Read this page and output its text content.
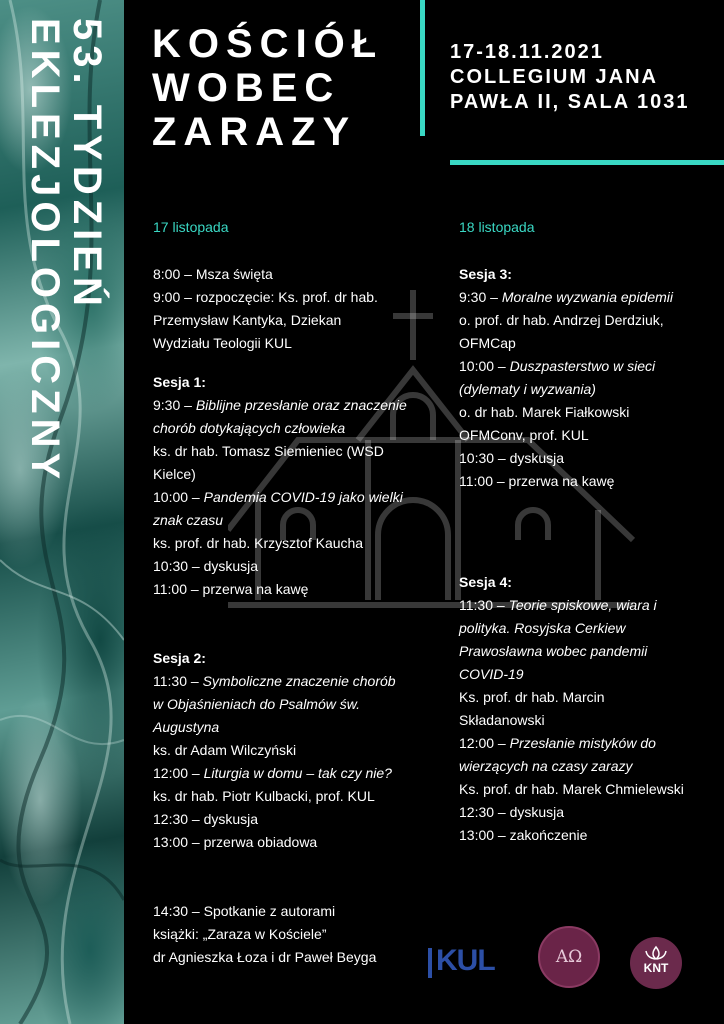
53. TYDZIEŃ
EKLEZJOLOGICZNY KOŚCIÓŁ
WOBEC
ZARAZY
17-18.11.2021
COLLEGIUM JANA
PAWŁA II, SALA 1031
17 listopada
8:00 – Msza święta
9:00 – rozpoczęcie: Ks. prof. dr hab.
Przemysław Kantyka, Dziekan
Wydziału Teologii KUL
Sesja 1:
9:30 – Biblijne przesłanie oraz znaczenie
chorób dotykających człowieka
ks. dr hab. Tomasz Siemieniec (WSD
Kielce)
10:00 – Pandemia COVID-19 jako wielki
znak czasu
ks. prof. dr hab. Krzysztof Kaucha
10:30 – dyskusja
11:00 – przerwa na kawę
Sesja 2:
11:30 – Symboliczne znaczenie chorób
w Objaśnieniach do Psalmów św.
Augustyna
ks. dr Adam Wilczyński
12:00 – Liturgia w domu – tak czy nie?
ks. dr hab. Piotr Kulbacki, prof. KUL
12:30 – dyskusja
13:00 – przerwa obiadowa
14:30 – Spotkanie z autorami
książki: „Zaraza w Kościele”
dr Agnieszka Łoza i dr Paweł Beyga
18 listopada
Sesja 3:
9:30 – Moralne wyzwania epidemii
o. prof. dr hab. Andrzej Derdziuk,
OFMCap
10:00 – Duszpasterstwo w sieci
(dylematy i wyzwania)
o. dr hab. Marek Fiałkowski
OFMConv, prof. KUL
10:30 – dyskusja
11:00 – przerwa na kawę
Sesja 4:
11:30 – Teorie spiskowe, wiara i
polityka. Rosyjska Cerkiew
Prawosławna wobec pandemii
COVID-19
Ks. prof. dr hab. Marcin
Składanowski
12:00 – Przesłanie mistyków do
wierzących na czasy zarazy
Ks. prof. dr hab. Marek Chmielewski
12:30 – dyskusja
13:00 – zakończenie
KUL	ΑΩ
KNT
